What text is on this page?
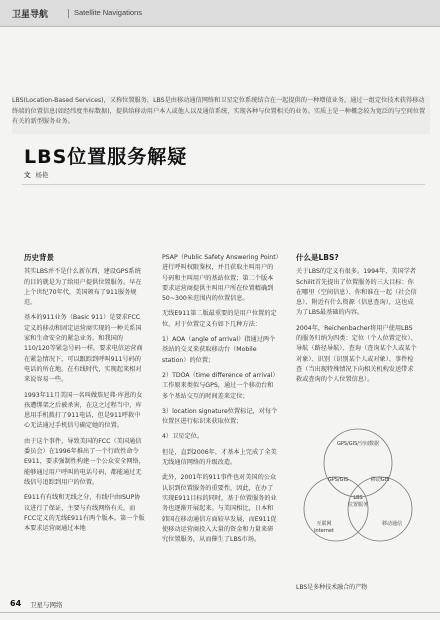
卫星导航	Satellite Navigations
LBS(Location-Based Services)，又称位置服务，LBS是由移动通信网络和卫星定位系统结合在一起提供的一种增值业务，通过一组定位技术获得移动终端的位置信息(如经纬度坐标数据)，提供给移动用户本人或他人以及通信系统，实现各种与位置相关的业务。实质上是一种概念较为宽泛的与空间位置有关的新型服务业务。
LBS位置服务解疑
文 杨艳
历史背景

其实LBS并不是什么新东西，建设GPS系统的目的就是为了给用户提供位置服务。早在上个世纪70年代，美国颁布了911服务规范。

基本的911业务（Basic 911）是要求FCC定义的移动和固定运营商实现的一种关系国家和生命安全的紧急业务。和我国的110/120等紧急号码一样。要求电信运营商在紧急情况下，可以跟踪到呼叫911号码的电话的所在地。在有线时代，实现起来相对来说容易一些。

1993年11月美国一名叫做詹尼弗·库恩的女孩遭绑架之后被杀害，在这之过程当中，库恩用手机拨打了911电话，但是911呼救中心无法通过手机信号确定她的位置。

由于这个事件，导致美国的FCC（美国通信委员会）在1996年推出了一个行政性命令E911，要求强制性构建一个公众安全网络，能够通过用户呼叫的电话号码，都能通过无线信号追踪到用户的位置。

E911有有线和无线之分，有线中由ISUP协议进行了保证，主要与有线网络有关，而FCC定义的无线E911有两个版本。第一个版本要求运营商通过本地

PSAP（Public Safety Answering Point）进行呼叫权限鉴权，并且获取主叫用户的号码和主叫用户的基站位置；第二个版本要求运营商提供主叫用户所在位置精确到50~300米范围内的位置信息。

无线E911第二版最重要的是用户位置的定位，对于位置定义有如下几种方法：

1）AOA（angle of arrival）指通过两个基站的交叉来获取移动台（Mobile station）的位置；

2）TDOA（time difference of arrival）工作原来类似与GPS，通过一个移动台和多个基站交互的时间差来定位；

3）location signature位置标记，对每个位置区进行标识来获取位置；

4）卫星定位。

但是，直到2006年，才基本上完成了全美无线通信网络的升级改造。

此外，2001年的911事件也对美国的公众认识到位置服务的重要性，因此，在办了实现E911目标的同时，基于位置服务的业务也逐渐开展起来。与美国相比，日本和韩国在移动通信方面较早发展，而E911促使移动运营商投入大量的资金和力量来研究位置服务，从而催生了LBS市场。

什么是LBS?

关于LBS的定义有很多。1994年，美国学者Schilit首先提出了位置服务的三大目标：你在哪里（空间信息）、你和谁在一起（社会信息）、附近有什么资源（信息查询），这也成为了LBS最基础的内容。

2004年，Reichenbacher将用户使用LBS的服务归纳为四类：定位（个人位置定位）、导航（路径导航）、查询（查询某个人或某个对象）、识别（识别某个人或对象）、事件检查（当出现特殊情况下向相关机构发送带求救或查询的个人位置信息）。

GPS/GIS/空间数据
GPS/GIS	移动GIS
LBS 位置服务
互联网 Internet
移动通信
LBS是多种技术融合的产物
64 卫星与网络
